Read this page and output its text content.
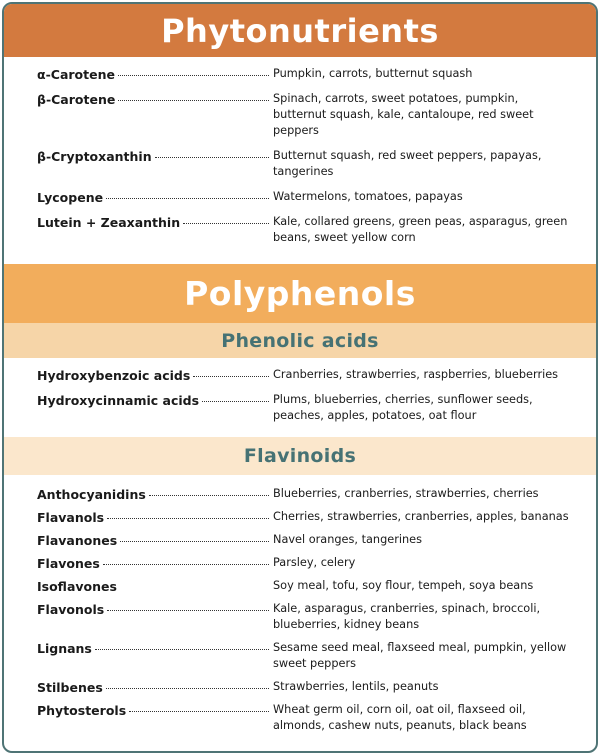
Phytonutrients
α-Carotene	Pumpkin, carrots, butternut squash
β-Carotene	Spinach, carrots, sweet potatoes, pumpkin, butternut squash, kale, cantaloupe, red sweet peppers
β-Cryptoxanthin	Butternut squash, red sweet peppers, papayas, tangerines
Lycopene	Watermelons, tomatoes, papayas
Lutein + Zeaxanthin	Kale, collared greens, green peas, asparagus, green beans, sweet yellow corn
Polyphenols
Phenolic acids
Hydroxybenzoic acids	Cranberries, strawberries, raspberries, blueberries
Hydroxycinnamic acids	Plums, blueberries, cherries, sunflower seeds, peaches, apples, potatoes, oat flour
Flavinoids
Anthocyanidins	Blueberries, cranberries, strawberries, cherries
Flavanols	Cherries, strawberries, cranberries, apples, bananas
Flavanones	Navel oranges, tangerines
Flavones	Parsley, celery
Isoflavones	Soy meal, tofu, soy flour, tempeh, soya beans
Flavonols	Kale, asparagus, cranberries, spinach, broccoli, blueberries, kidney beans
Lignans	Sesame seed meal, flaxseed meal, pumpkin, yellow sweet peppers
Stilbenes	Strawberries, lentils, peanuts
Phytosterols	Wheat germ oil, corn oil, oat oil, flaxseed oil, almonds, cashew nuts, peanuts, black beans
